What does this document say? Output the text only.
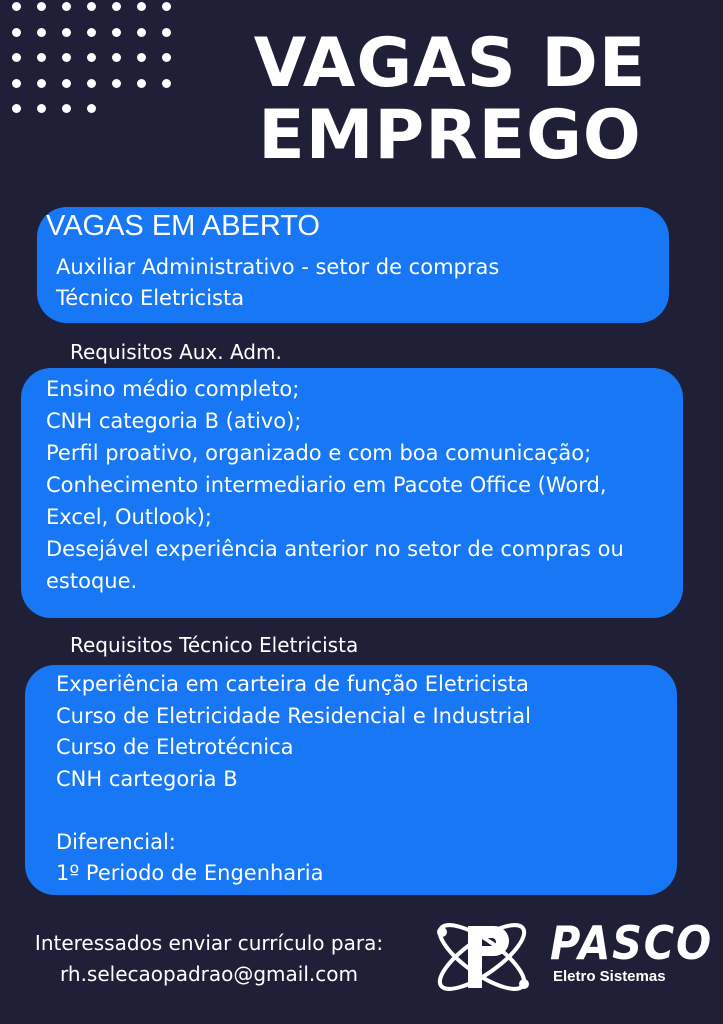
VAGAS DE
EMPREGO
VAGAS EM ABERTO
Auxiliar Administrativo - setor de compras
Técnico Eletricista
Requisitos Aux. Adm.
Ensino médio completo;
CNH categoria B (ativo);
Perfil proativo, organizado e com boa comunicação;
Conhecimento intermediario em Pacote Office (Word,
Excel, Outlook);
Desejável experiência anterior no setor de compras ou
estoque.
Requisitos Técnico Eletricista
Experiência em carteira de função Eletricista
Curso de Eletricidade Residencial e Industrial
Curso de Eletrotécnica
CNH cartegoria B

Diferencial:
1º Periodo de Engenharia
Interessados enviar currículo para:
rh.selecaopadrao@gmail.com
PASCO
Eletro Sistemas
